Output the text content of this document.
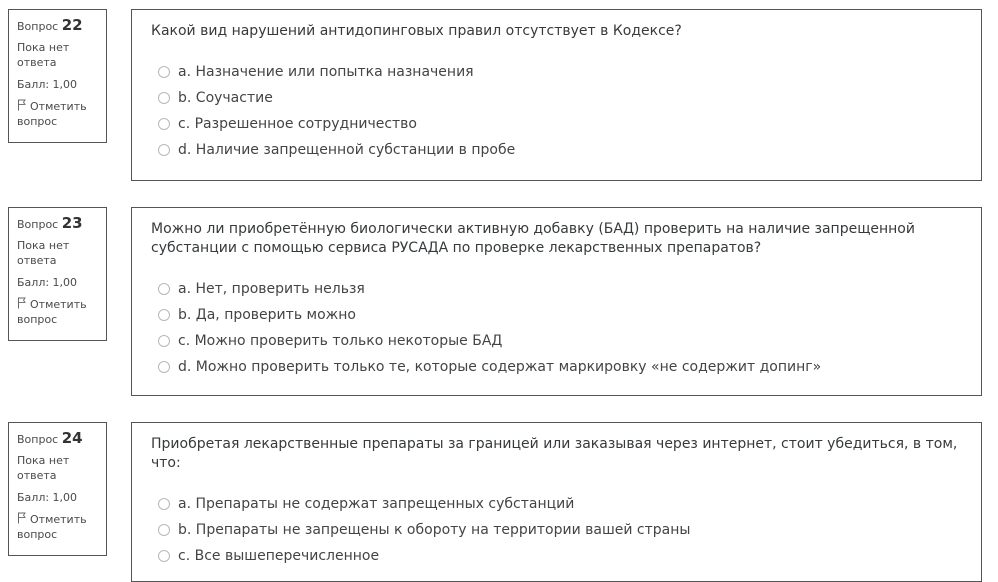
Вопрос 22
Пока нет ответа
Балл: 1,00
Отметить вопрос

Какой вид нарушений антидопинговых правил отсутствует в Кодексе?

a. Назначение или попытка назначения
b. Соучастие
c. Разрешенное сотрудничество
d. Наличие запрещенной субстанции в пробе
Вопрос 23
Пока нет ответа
Балл: 1,00
Отметить вопрос

Можно ли приобретённую биологически активную добавку (БАД) проверить на наличие запрещенной субстанции с помощью сервиса РУСАДА по проверке лекарственных препаратов?

a. Нет, проверить нельзя
b. Да, проверить можно
c. Можно проверить только некоторые БАД
d. Можно проверить только те, которые содержат маркировку «не содержит допинг»
Вопрос 24
Пока нет ответа
Балл: 1,00
Отметить вопрос

Приобретая лекарственные препараты за границей или заказывая через интернет, стоит убедиться, в том, что:

a. Препараты не содержат запрещенных субстанций
b. Препараты не запрещены к обороту на территории вашей страны
c. Все вышеперечисленное
